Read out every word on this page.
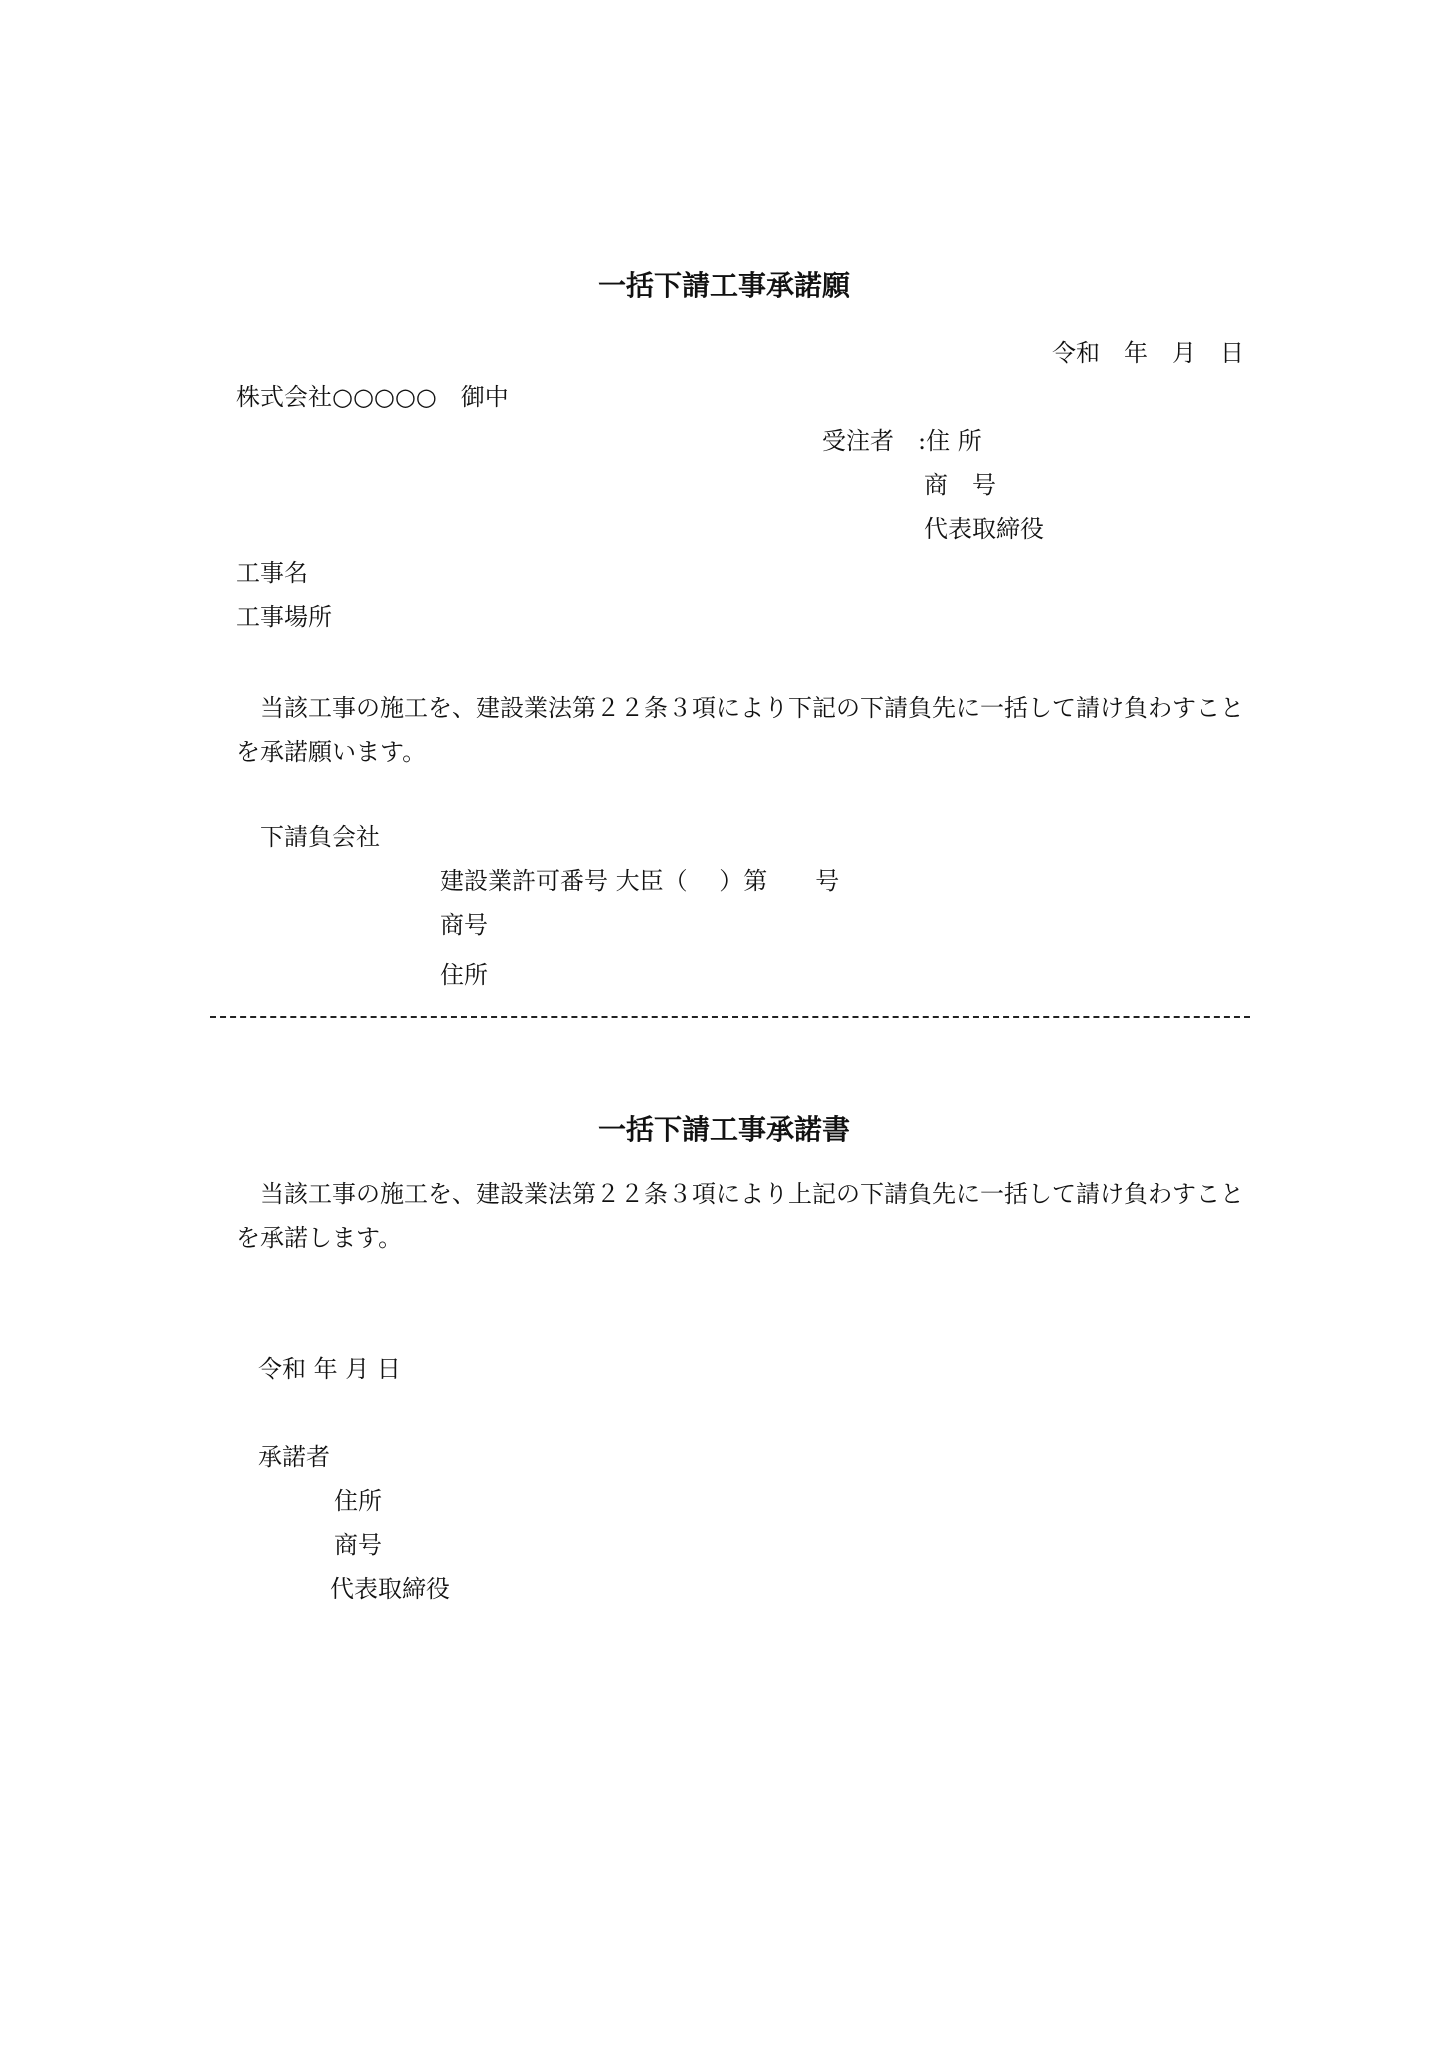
一括下請工事承諾願
令和　年　月　日
株式会社○○○○○　御中
受注者　:住 所
商　号
代表取締役
工事名
工事場所
当該工事の施工を、建設業法第２２条３項により下記の下請負先に一括して請け負わすことを承諾願います。
下請負会社
建設業許可番号 大臣（　 ）第　　号
商号
住所
一括下請工事承諾書
当該工事の施工を、建設業法第２２条３項により上記の下請負先に一括して請け負わすことを承諾します。
令和 年 月 日
承諾者
住所
商号
代表取締役
